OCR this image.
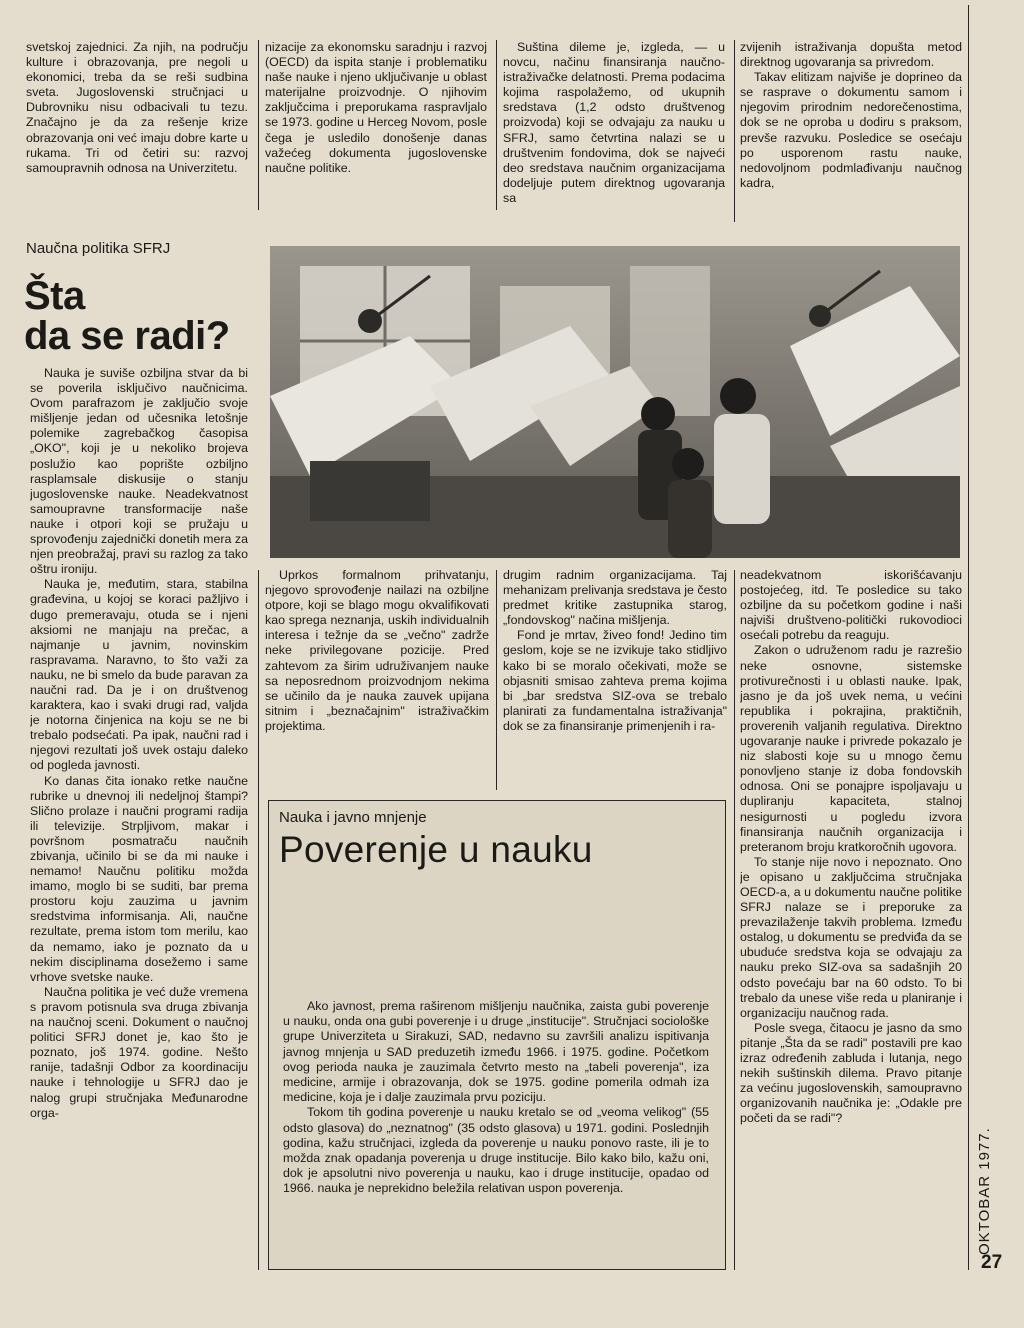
svetskoj zajednici. Za njih, na području kulture i obrazovanja, pre negoli u ekonomici, treba da se reši sudbina sveta. Jugoslovenski stručnjaci u Dubrovniku nisu odbacivali tu tezu. Značajno je da za rešenje krize obrazovanja oni već imaju dobre karte u rukama. Tri od četiri su: razvoj samoupravnih odnosa na Univerzitetu.

nizacije za ekonomsku saradnju i razvoj (OECD) da ispita stanje i problematiku naše nauke i njeno uključivanje u oblast materijalne proizvodnje. O njihovim zaključcima i preporukama raspravljalo se 1973. godine u Herceg Novom, posle čega je usledilo donošenje danas važećeg dokumenta jugoslovenske naučne politike.

Suština dileme je, izgleda, — u novcu, načinu finansiranja naučno-istraživačke delatnosti. Prema podacima kojima raspolažemo, od ukupnih sredstava (1,2 odsto društvenog proizvoda) koji se odvajaju za nauku u SFRJ, samo četvrtina nalazi se u društvenim fondovima, dok se najveći deo sredstava naučnim organizacijama dodeljuje putem direktnog ugovaranja sa

zvijenih istraživanja dopušta metod direktnog ugovaranja sa privredom.

Takav elitizam najviše je doprineo da se rasprave o dokumentu samom i njegovim prirodnim nedorečenostima, dok se ne oproba u dodiru s praksom, prevše razvuku. Posledice se osećaju po usporenom rastu nauke, nedovoljnom podmlađivanju naučnog kadra,

Naučna politika SFRJ
Šta
da se radi?

Nauka je suviše ozbiljna stvar da bi se poverila isključivo naučnicima. Ovom parafrazom je zaključio svoje mišljenje jedan od učesnika letošnje polemike zagrebačkog časopisa „OKO", koji je u nekoliko brojeva poslužio kao poprište ozbiljno rasplamsale diskusije o stanju jugoslovenske nauke. Neadekvatnost samoupravne transformacije naše nauke i otpori koji se pružaju u sprovođenju zajednički donetih mera za njen preobražaj, pravi su razlog za tako oštru ironiju.

Nauka je, međutim, stara, stabilna građevina, u kojoj se koraci pažljivo i dugo premeravaju, otuda se i njeni aksiomi ne manjaju na prečac, a najmanje u javnim, novinskim raspravama. Naravno, to što važi za nauku, ne bi smelo da bude paravan za naučni rad. Da je i on društvenog karaktera, kao i svaki drugi rad, valjda je notorna činjenica na koju se ne bi trebalo podsećati. Pa ipak, naučni rad i njegovi rezultati još uvek ostaju daleko od pogleda javnosti.

Ko danas čita ionako retke naučne rubrike u dnevnoj ili nedeljnoj štampi? Slično prolaze i naučni programi radija ili televizije. Strpljivom, makar i površnom posmatraču naučnih zbivanja, učinilo bi se da mi nauke i nemamo! Naučnu politiku možda imamo, moglo bi se suditi, bar prema prostoru koju zauzima u javnim sredstvima informisanja. Ali, naučne rezultate, prema istom tom merilu, kao da nemamo, iako je poznato da u nekim disciplinama dosežemo i same vrhove svetske nauke.

Naučna politika je već duže vremena s pravom potisnula sva druga zbivanja na naučnoj sceni. Dokument o naučnoj politici SFRJ donet je, kao što je poznato, još 1974. godine. Nešto ranije, tadašnji Odbor za koordinaciju nauke i tehnologije u SFRJ dao je nalog grupi stručnjaka Međunarodne orga-

Uprkos formalnom prihvatanju, njegovo sprovođenje nailazi na ozbiljne otpore, koji se blago mogu okvalifikovati kao sprega neznanja, uskih individualnih interesa i težnje da se „večno" zadrže neke privilegovane pozicije. Pred zahtevom za širim udruživanjem nauke sa neposrednom proizvodnjom nekima se učinilo da je nauka zauvek upijana sitnim i „beznačajnim" istraživačkim projektima.

drugim radnim organizacijama. Taj mehanizam prelivanja sredstava je često predmet kritike zastupnika starog, „fondovskog" načina mišljenja.

Fond je mrtav, živeo fond! Jedino tim geslom, koje se ne izvikuje tako stidljivo kako bi se moralo očekivati, može se objasniti smisao zahteva prema kojima bi „bar sredstva SIZ-ova se trebalo planirati za fundamentalna istraživanja" dok se za finansiranje primenjenih i ra-

neadekvatnom iskorišćavanju postojećeg, itd. Te posledice su tako ozbiljne da su početkom godine i naši najviši društveno-politički rukovodioci osećali potrebu da reaguju.

Zakon o udruženom radu je razrešio neke osnovne, sistemske protivurečnosti i u oblasti nauke. Ipak, jasno je da još uvek nema, u većini republika i pokrajina, praktičnih, proverenih valjanih regulativa. Direktno ugovaranje nauke i privrede pokazalo je niz slabosti koje su u mnogo čemu ponovljeno stanje iz doba fondovskih odnosa. Oni se ponajpre ispoljavaju u dupliranju kapaciteta, stalnoj nesigurnosti u pogledu izvora finansiranja naučnih organizacija i preteranom broju kratkoročnih ugovora.

To stanje nije novo i nepoznato. Ono je opisano u zaključcima stručnjaka OECD-a, a u dokumentu naučne politike SFRJ nalaze se i preporuke za prevazilaženje takvih problema. Između ostalog, u dokumentu se predviđa da se ubuduće sredstva koja se odvajaju za nauku preko SIZ-ova sa sadašnjih 20 odsto povećaju bar na 60 odsto. To bi trebalo da unese više reda u planiranje i organizaciju naučnog rada.

Posle svega, čitaocu je jasno da smo pitanje „Šta da se radi" postavili pre kao izraz određenih zabluda i lutanja, nego nekih suštinskih dilema. Pravo pitanje za većinu jugoslovenskih, samoupravno organizovanih naučnika je: „Odakle pre početi da se radi"?

Nauka i javno mnjenje
Poverenje u nauku

Ako javnost, prema raširenom mišljenju naučnika, zaista gubi poverenje u nauku, onda ona gubi poverenje i u druge „institucije". Stručnjaci sociološke grupe Univerziteta u Sirakuzi, SAD, nedavno su završili analizu ispitivanja javnog mnjenja u SAD preduzetih između 1966. i 1975. godine. Početkom ovog perioda nauka je zauzimala četvrto mesto na „tabeli poverenja", iza medicine, armije i obrazovanja, dok se 1975. godine pomerila odmah iza medicine, koja je i dalje zauzimala prvu poziciju.

Tokom tih godina poverenje u nauku kretalo se od „veoma velikog" (55 odsto glasova) do „neznatnog" (35 odsto glasova) u 1971. godini. Poslednjih godina, kažu stručnjaci, izgleda da poverenje u nauku ponovo raste, ili je to možda znak opadanja poverenja u druge institucije. Bilo kako bilo, kažu oni, dok je apsolutni nivo poverenja u nauku, kao i druge institucije, opadao od 1966. nauka je neprekidno beležila relativan uspon poverenja.	OKTOBAR 1977.
27
